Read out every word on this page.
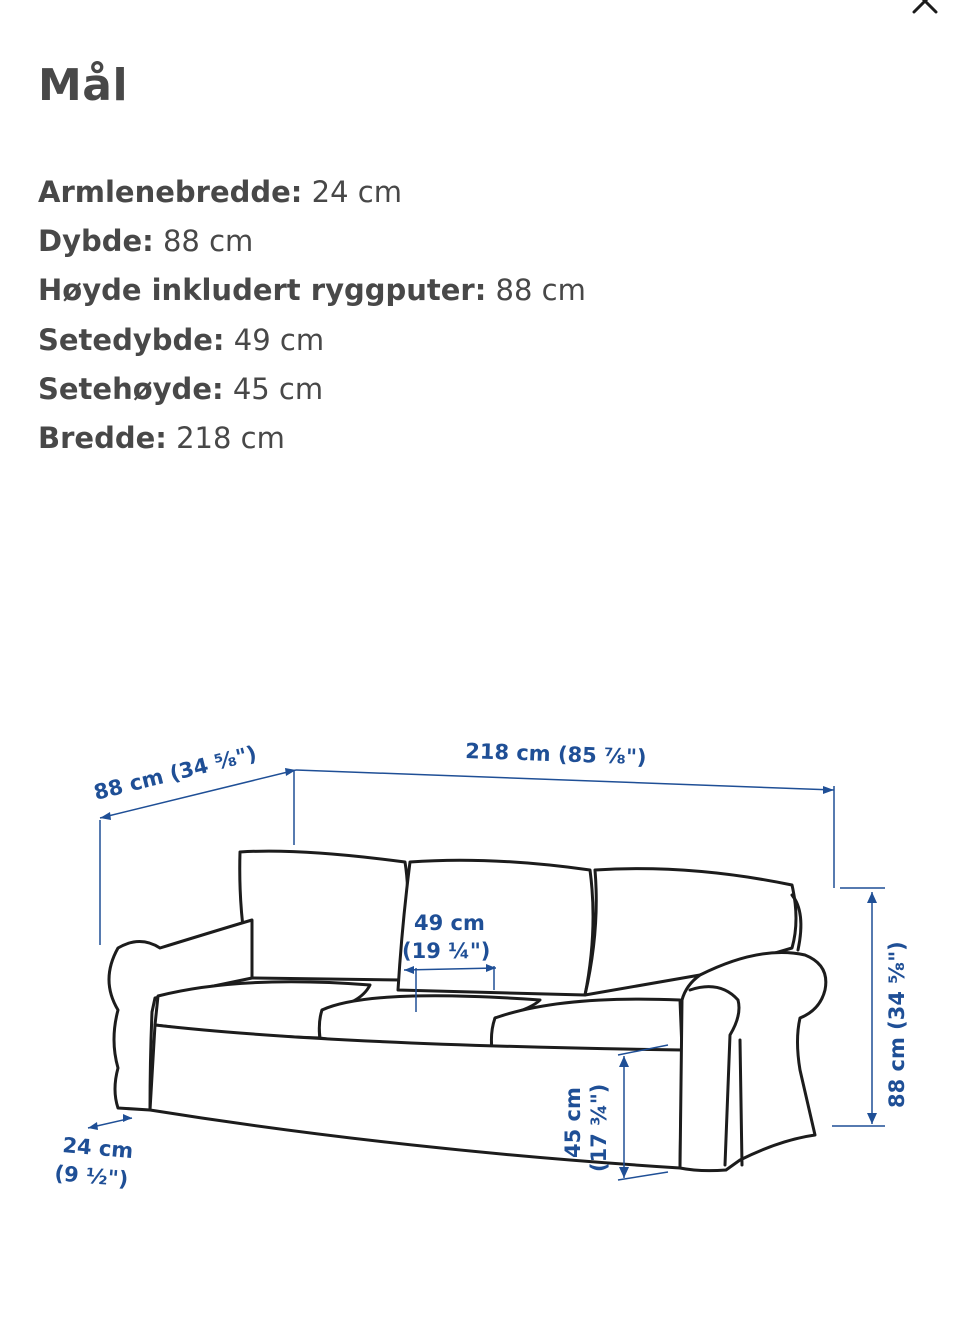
Mål
Armlenebredde: 24 cm
Dybde: 88 cm
Høyde inkludert ryggputer: 88 cm
Setedybde: 49 cm
Setehøyde: 45 cm
Bredde: 218 cm
88 cm (34 ⁵⁄₈")	218 cm (85 ⁷⁄₈")
88 cm (34 ⁵⁄₈")
49 cm
(19 ¼")
45 cm (17 ¾")
24 cm
(9 ½")
